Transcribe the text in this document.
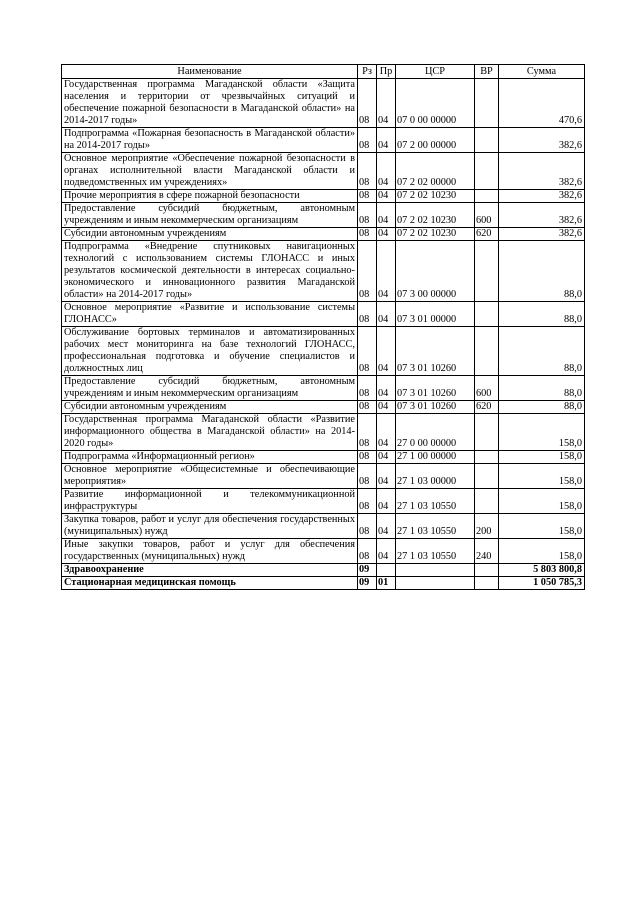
Наименование	Рз	Пр	ЦСР	ВР	Сумма
Государственная программа Магаданской области «Защита населения и территории от чрезвычайных ситуаций и обеспечение пожарной безопасности в Магаданской области» на 2014-2017 годы»	08	04	07 0 00 00000		470,6
Подпрограмма «Пожарная безопасность в Магаданской области» на 2014-2017 годы»	08	04	07 2 00 00000		382,6
Основное мероприятие «Обеспечение пожарной безопасности в органах исполнительной власти Магаданской области и подведомственных им учреждениях»	08	04	07 2 02 00000		382,6
Прочие мероприятия в сфере пожарной безопасности	08	04	07 2 02 10230		382,6
Предоставление субсидий бюджетным, автономным учреждениям и иным некоммерческим организациям	08	04	07 2 02 10230	600	382,6
Субсидии автономным учреждениям	08	04	07 2 02 10230	620	382,6
Подпрограмма «Внедрение спутниковых навигационных технологий с использованием системы ГЛОНАСС и иных результатов космической деятельности в интересах социально-экономического и инновационного развития Магаданской области» на 2014-2017 годы»	08	04	07 3 00 00000		88,0
Основное мероприятие «Развитие и использование системы ГЛОНАСС»	08	04	07 3 01 00000		88,0
Обслуживание бортовых терминалов и автоматизированных рабочих мест мониторинга на базе технологий ГЛОНАСС, профессиональная подготовка и обучение специалистов и должностных лиц	08	04	07 3 01 10260		88,0
Предоставление субсидий бюджетным, автономным учреждениям и иным некоммерческим организациям	08	04	07 3 01 10260	600	88,0
Субсидии автономным учреждениям	08	04	07 3 01 10260	620	88,0
Государственная программа Магаданской области «Развитие информационного общества в Магаданской области» на 2014-2020 годы»	08	04	27 0 00 00000		158,0
Подпрограмма «Информационный регион»	08	04	27 1 00 00000		158,0
Основное мероприятие «Общесистемные и обеспечивающие мероприятия»	08	04	27 1 03 00000		158,0
Развитие информационной и телекоммуникационной инфраструктуры	08	04	27 1 03 10550		158,0
Закупка товаров, работ и услуг для обеспечения государственных (муниципальных) нужд	08	04	27 1 03 10550	200	158,0
Иные закупки товаров, работ и услуг для обеспечения государственных (муниципальных) нужд	08	04	27 1 03 10550	240	158,0
Здравоохранение	09				5 803 800,8
Стационарная медицинская помощь	09	01			1 050 785,3
